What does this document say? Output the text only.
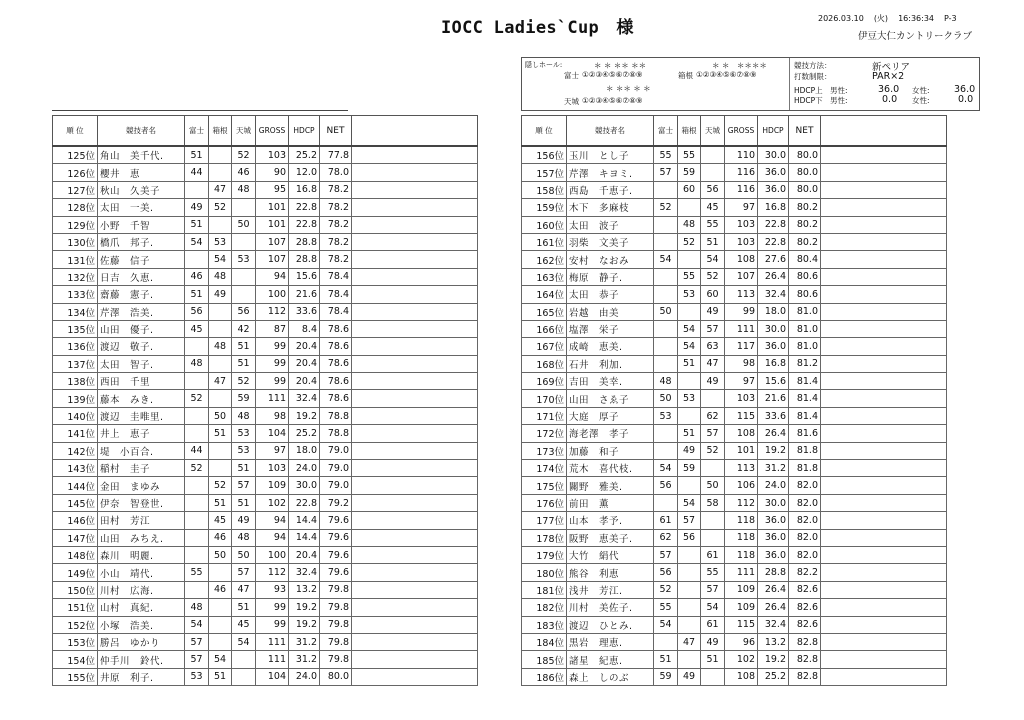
IOCC Ladies`Cup　様	2026.03.10 (火) 16:36:34 P-3
伊豆大仁カントリークラブ
隠しホール:	＊ ＊ ＊＊ ＊＊
富士 ①②③④⑤⑥⑦⑧⑨
＊ ＊　＊＊＊＊
箱根 ①②③④⑤⑥⑦⑧⑨
＊ ＊＊ ＊ ＊
天城 ①②③④⑤⑥⑦⑧⑨
競技方法：	新ペリア
打数制限：	PAR×2
HDCP上 男性:	36.0 女性:	36.0
HDCP下 男性:	0.0 女性:	0.0
順 位	競技者名	富士	箱根	天城	GROSS	HDCP	NET	
125位	角山　美千代.	51		52	103	25.2	77.8	
126位	櫻井　恵	44		46	90	12.0	78.0	
127位	秋山　久美子		47	48	95	16.8	78.2	
128位	太田　一美.	49	52		101	22.8	78.2	
129位	小野　千智	51		50	101	22.8	78.2	
130位	橋爪　邦子.	54	53		107	28.8	78.2	
131位	佐藤　信子		54	53	107	28.8	78.2	
132位	日吉　久恵.	46	48		94	15.6	78.4	
133位	齋藤　憲子.	51	49		100	21.6	78.4	
134位	芹澤　浩美.	56		56	112	33.6	78.4	
135位	山田　優子.	45		42	87	8.4	78.6	
136位	渡辺　敬子.		48	51	99	20.4	78.6	
137位	太田　智子.	48		51	99	20.4	78.6	
138位	西田　千里		47	52	99	20.4	78.6	
139位	藤本　みき.	52		59	111	32.4	78.6	
140位	渡辺　圭唯里.		50	48	98	19.2	78.8	
141位	井上　恵子		51	53	104	25.2	78.8	
142位	堤　小百合.	44		53	97	18.0	79.0	
143位	稲村　圭子	52		51	103	24.0	79.0	
144位	金田　まゆみ		52	57	109	30.0	79.0	
145位	伊奈　智登世.		51	51	102	22.8	79.2	
146位	田村　芳江		45	49	94	14.4	79.6	
147位	山田　みちえ.		46	48	94	14.4	79.6	
148位	森川　明麗.		50	50	100	20.4	79.6	
149位	小山　靖代.	55		57	112	32.4	79.6	
150位	川村　広海.		46	47	93	13.2	79.8	
151位	山村　真紀.	48		51	99	19.2	79.8	
152位	小塚　浩美.	54		45	99	19.2	79.8	
153位	勝呂　ゆかり	57		54	111	31.2	79.8	
154位	仲手川　鈴代.	57	54		111	31.2	79.8	
155位	井原　利子.	53	51		104	24.0	80.0	
順 位	競技者名	富士	箱根	天城	GROSS	HDCP	NET	
156位	玉川　とし子	55	55		110	30.0	80.0	
157位	芹澤　キヨミ.	57	59		116	36.0	80.0	
158位	西島　千恵子.		60	56	116	36.0	80.0	
159位	木下　多麻枝	52		45	97	16.8	80.2	
160位	太田　波子		48	55	103	22.8	80.2	
161位	羽柴　文美子		52	51	103	22.8	80.2	
162位	安村　なおみ	54		54	108	27.6	80.4	
163位	梅原　静子.		55	52	107	26.4	80.6	
164位	太田　恭子		53	60	113	32.4	80.6	
165位	岩越　由美	50		49	99	18.0	81.0	
166位	塩澤　栄子		54	57	111	30.0	81.0	
167位	成崎　恵美.		54	63	117	36.0	81.0	
168位	石井　利加.		51	47	98	16.8	81.2	
169位	吉田　美幸.	48		49	97	15.6	81.4	
170位	山田　さゑ子	50	53		103	21.6	81.4	
171位	大庭　厚子	53		62	115	33.6	81.4	
172位	海老澤　孝子		51	57	108	26.4	81.6	
173位	加藤　和子		49	52	101	19.2	81.8	
174位	荒木　喜代枝.	54	59		113	31.2	81.8	
175位	關野　雅美.	56		50	106	24.0	82.0	
176位	前田　薫		54	58	112	30.0	82.0	
177位	山本　孝予.	61	57		118	36.0	82.0	
178位	阪野　恵美子.	62	56		118	36.0	82.0	
179位	大竹　絹代	57		61	118	36.0	82.0	
180位	熊谷　利恵	56		55	111	28.8	82.2	
181位	浅井　芳江.	52		57	109	26.4	82.6	
182位	川村　美佐子.	55		54	109	26.4	82.6	
183位	渡辺　ひとみ.	54		61	115	32.4	82.6	
184位	黒岩　理恵.		47	49	96	13.2	82.8	
185位	諸星　紀恵.	51		51	102	19.2	82.8	
186位	森上　しのぶ	59	49		108	25.2	82.8	
